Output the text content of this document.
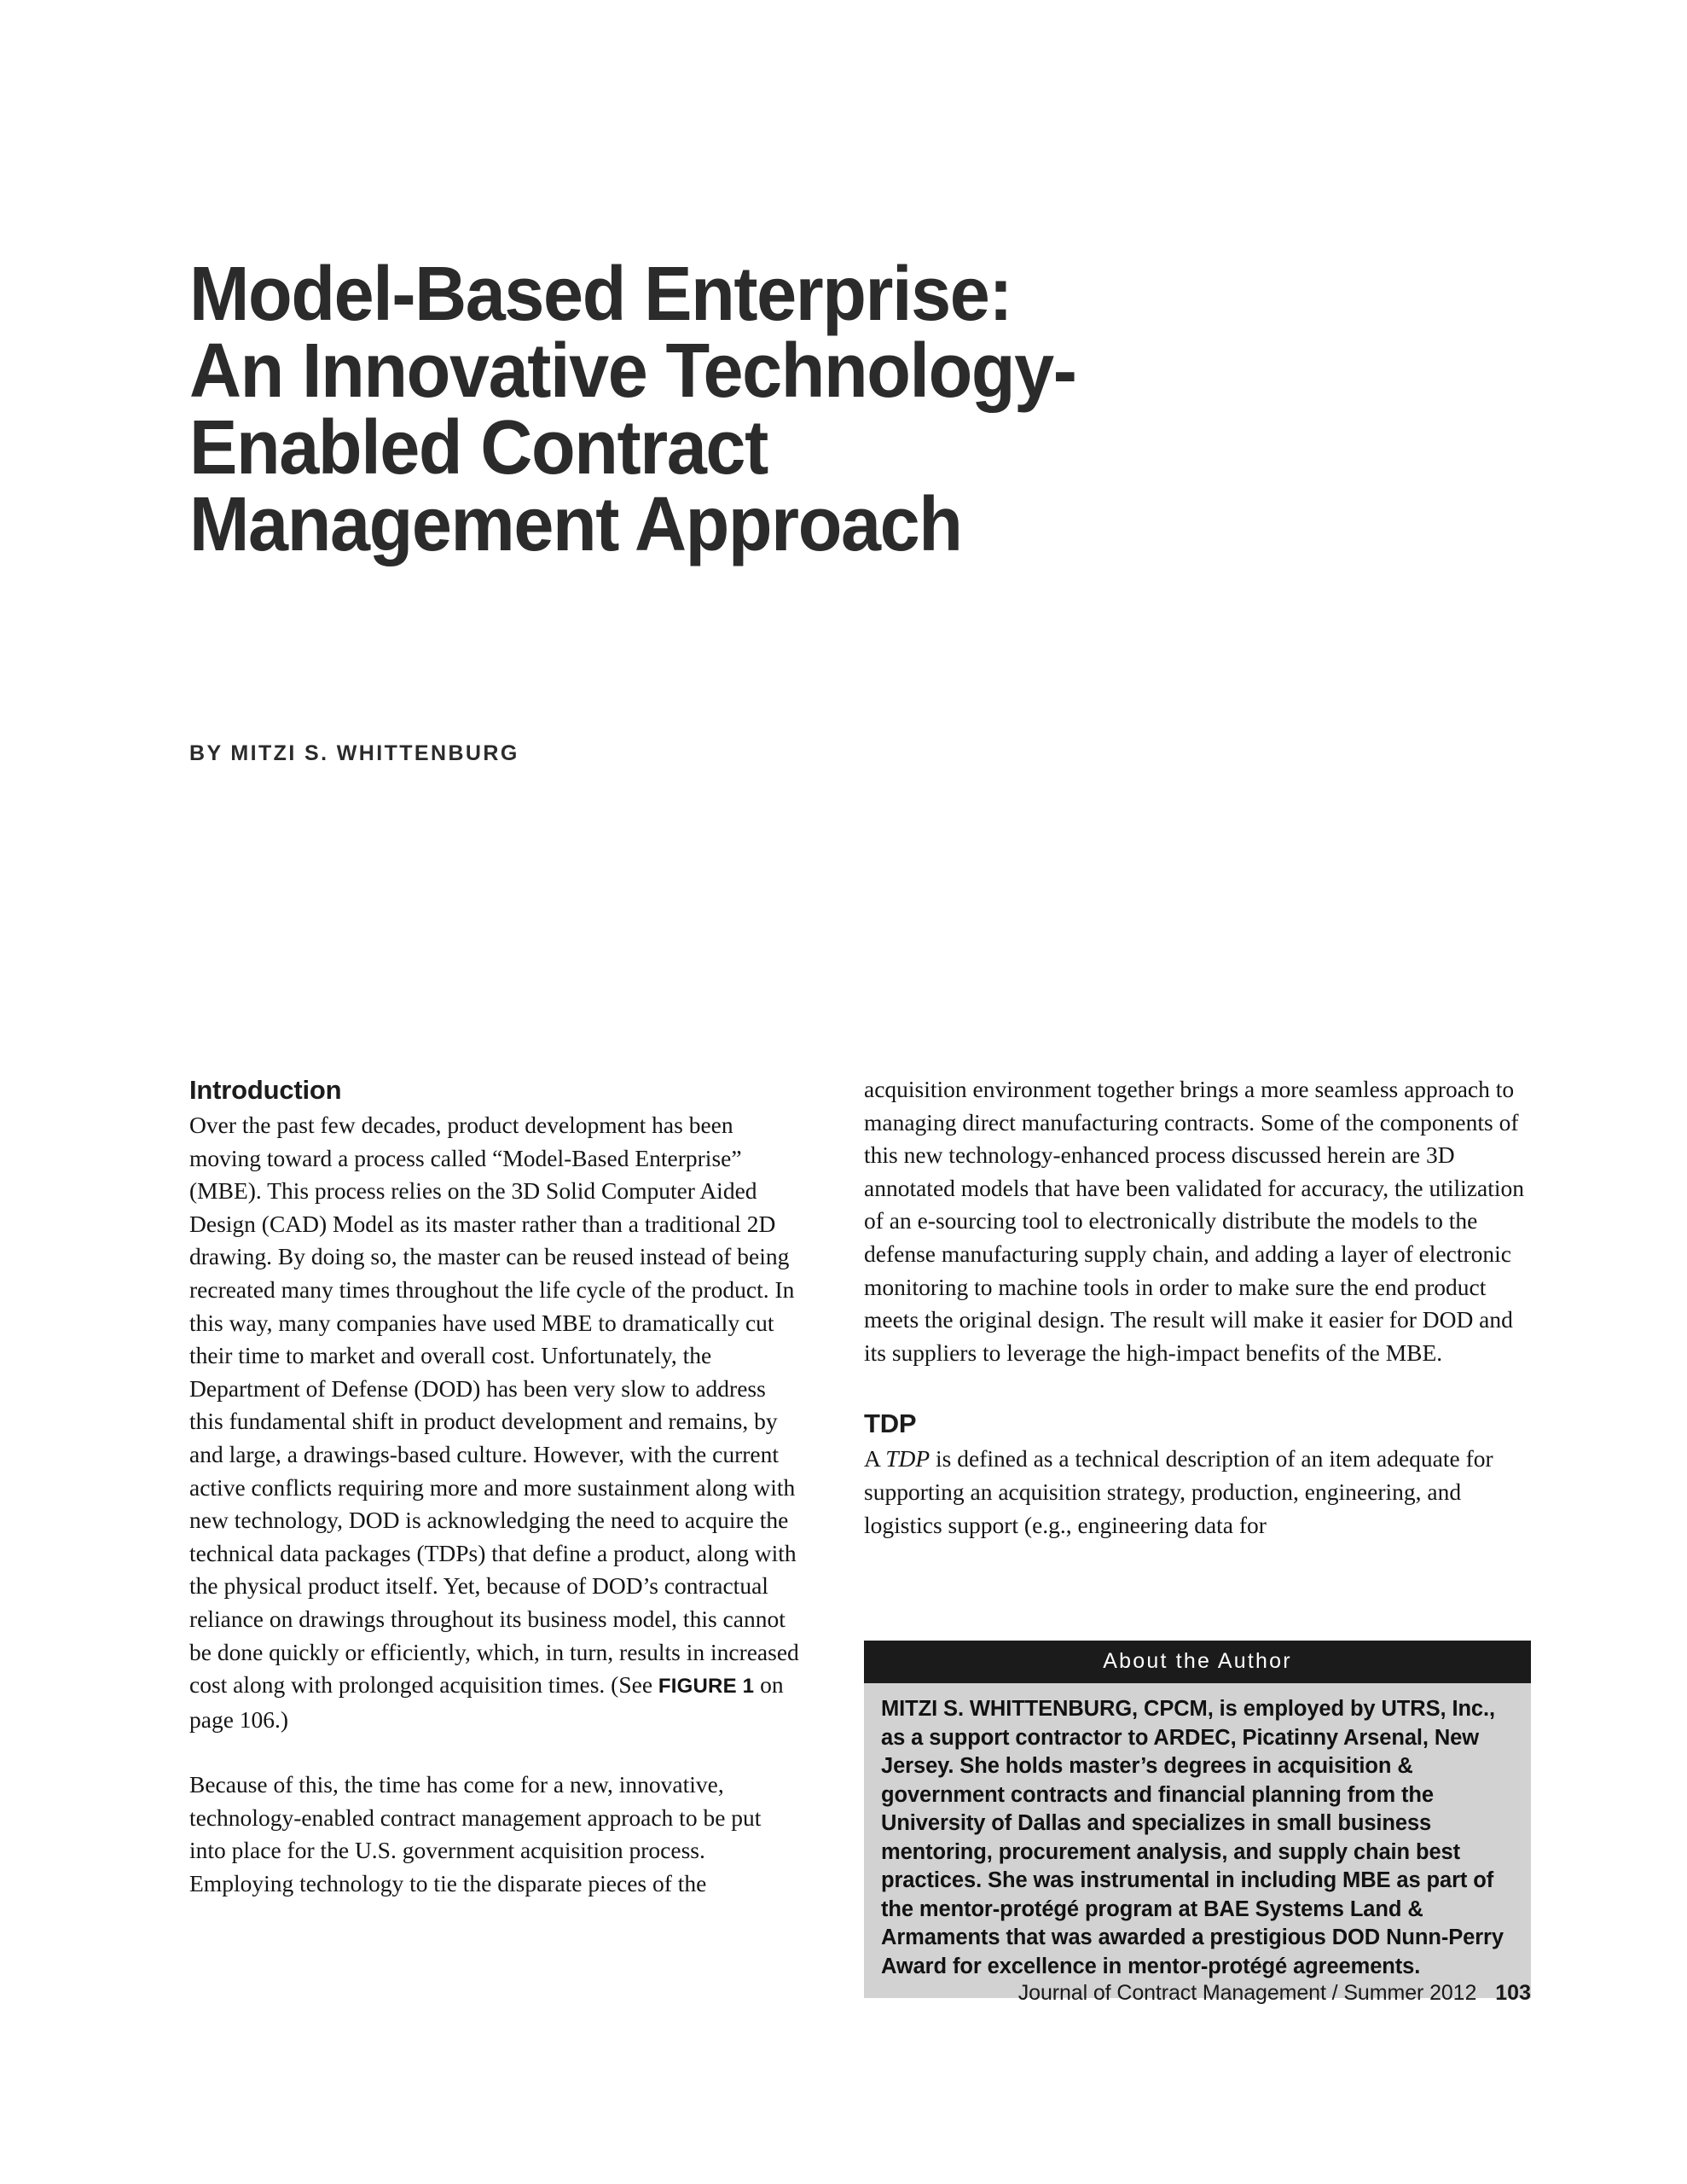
Model-Based Enterprise:
An Innovative Technology-
Enabled Contract
Management Approach
BY MITZI S. WHITTENBURG
Introduction

Over the past few decades, product development has been moving toward a process called “Model-Based Enterprise” (MBE). This process relies on the 3D Solid Computer Aided Design (CAD) Model as its master rather than a traditional 2D drawing. By doing so, the master can be reused instead of being recreated many times throughout the life cycle of the product. In this way, many companies have used MBE to dramatically cut their time to market and overall cost. Unfortunately, the Department of Defense (DOD) has been very slow to address this fundamental shift in product development and remains, by and large, a drawings-based culture. However, with the current active conflicts requiring more and more sustainment along with new technology, DOD is acknowledging the need to acquire the technical data packages (TDPs) that define a product, along with the physical product itself. Yet, because of DOD’s contractual reliance on drawings throughout its business model, this cannot be done quickly or efficiently, which, in turn, results in increased cost along with prolonged acquisition times. (See FIGURE 1 on page 106.)

Because of this, the time has come for a new, innovative, technology-enabled contract management approach to be put into place for the U.S. government acquisition process. Employing technology to tie the disparate pieces of the

acquisition environment together brings a more seamless approach to managing direct manufacturing contracts. Some of the components of this new technology-enhanced process discussed herein are 3D annotated models that have been validated for accuracy, the utilization of an e-sourcing tool to electronically distribute the models to the defense manufacturing supply chain, and adding a layer of electronic monitoring to machine tools in order to make sure the end product meets the original design. The result will make it easier for DOD and its suppliers to leverage the high-impact benefits of the MBE.

TDP

A TDP is defined as a technical description of an item adequate for supporting an acquisition strategy, production, engineering, and logistics support (e.g., engineering data for

About the Author
MITZI S. WHITTENBURG, CPCM, is employed by UTRS, Inc., as a support contractor to ARDEC, Picatinny Arsenal, New Jersey. She holds master’s degrees in acquisition & government contracts and financial planning from the University of Dallas and specializes in small business mentoring, procurement analysis, and supply chain best practices. She was instrumental in including MBE as part of the mentor-protégé program at BAE Systems Land & Armaments that was awarded a prestigious DOD Nunn-Perry Award for excellence in mentor-protégé agreements.
Journal of Contract Management / Summer 2012 103
